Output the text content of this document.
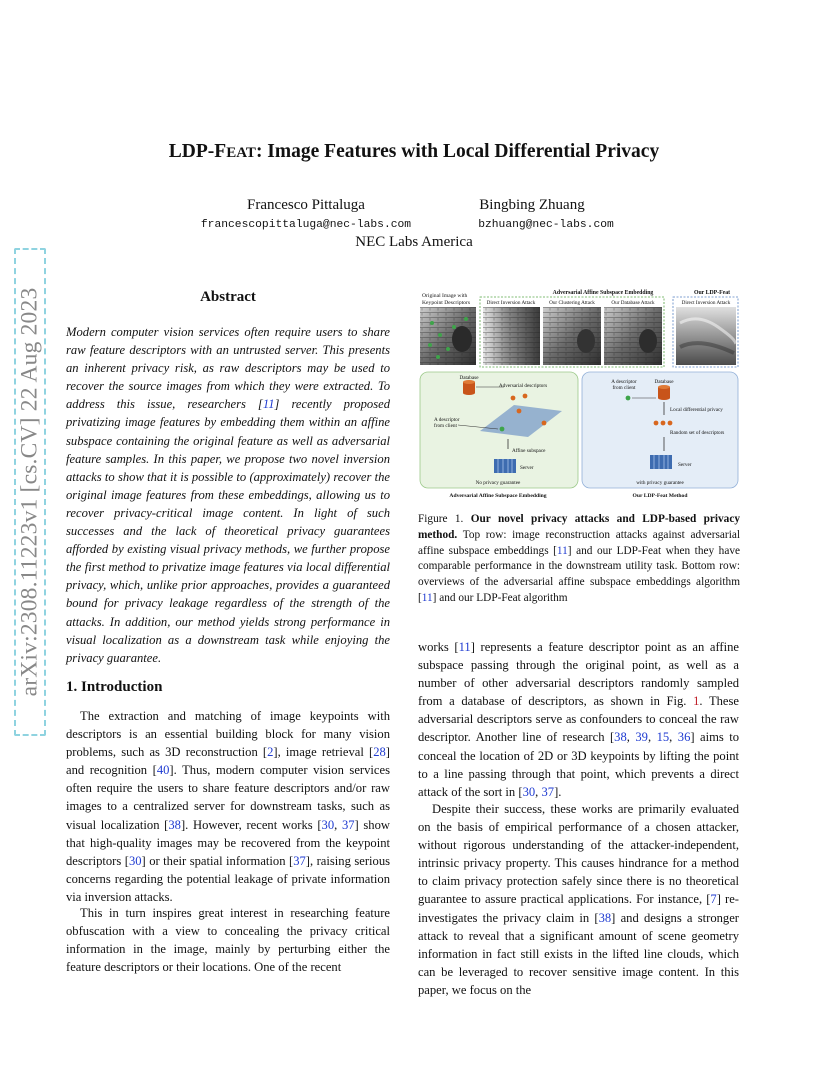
arXiv:2308.11223v1 [cs.CV] 22 Aug 2023
LDP-FEAT: Image Features with Local Differential Privacy
Francesco Pittaluga	Bingbing Zhuang
francescopittaluga@nec-labs.com	bzhuang@nec-labs.com
NEC Labs America
Abstract
Modern computer vision services often require users to share raw feature descriptors with an untrusted server. This presents an inherent privacy risk, as raw descriptors may be used to recover the source images from which they were extracted. To address this issue, researchers [11] recently proposed privatizing image features by embedding them within an affine subspace containing the original feature as well as adversarial feature samples. In this paper, we propose two novel inversion attacks to show that it is possible to (approximately) recover the original image features from these embeddings, allowing us to recover privacy-critical image content. In light of such successes and the lack of theoretical privacy guarantees afforded by existing visual privacy methods, we further propose the first method to privatize image features via local differential privacy, which, unlike prior approaches, provides a guaranteed bound for privacy leakage regardless of the strength of the attacks. In addition, our method yields strong performance in visual localization as a downstream task while enjoying the privacy guarantee.
1. Introduction
The extraction and matching of image keypoints with descriptors is an essential building block for many vision problems, such as 3D reconstruction [2], image retrieval [28] and recognition [40]. Thus, modern computer vision services often require the users to share feature descriptors and/or raw images to a centralized server for downstream tasks, such as visual localization [38]. However, recent works [30, 37] show that high-quality images may be recovered from the keypoint descriptors [30] or their spatial information [37], raising serious concerns regarding the potential leakage of private information via inversion attacks.
This in turn inspires great interest in researching feature obfuscation with a view to concealing the privacy critical information in the image, mainly by perturbing either the feature descriptors or their locations. One of the recent
Original Image with
Keypoint Descriptors
Adversarial Affine Subspace Embedding	Our LDP-Feat
Direct Inversion Attack	Our Clustering Attack	Our Database Attack	Direct Inversion Attack
Database
Adversarial descriptors
A descriptor
from client
Affine subspace
Server
No privacy guarantee
A descriptor
from client
Database
Local differential privacy
Random set of descriptors
Server
with privacy guarantee
Adversarial Affine Subspace Embedding	Our LDP-Feat Method
Figure 1. Our novel privacy attacks and LDP-based privacy method. Top row: image reconstruction attacks against adversarial affine subspace embeddings [11] and our LDP-Feat when they have comparable performance in the downstream utility task. Bottom row: overviews of the adversarial affine subspace embeddings algorithm [11] and our LDP-Feat algorithm
works [11] represents a feature descriptor point as an affine subspace passing through the original point, as well as a number of other adversarial descriptors randomly sampled from a database of descriptors, as shown in Fig. 1. These adversarial descriptors serve as confounders to conceal the raw descriptor. Another line of research [38, 39, 15, 36] aims to conceal the location of 2D or 3D keypoints by lifting the point to a line passing through that point, which prevents a direct attack of the sort in [30, 37].
Despite their success, these works are primarily evaluated on the basis of empirical performance of a chosen attacker, without rigorous understanding of the attacker-independent, intrinsic privacy property. This causes hindrance for a method to claim privacy protection safely since there is no theoretical guarantee to assure practical applications. For instance, [7] re-investigates the privacy claim in [38] and designs a stronger attack to reveal that a significant amount of scene geometry information in fact still exists in the lifted line clouds, which can be leveraged to recover sensitive image content. In this paper, we focus on the
